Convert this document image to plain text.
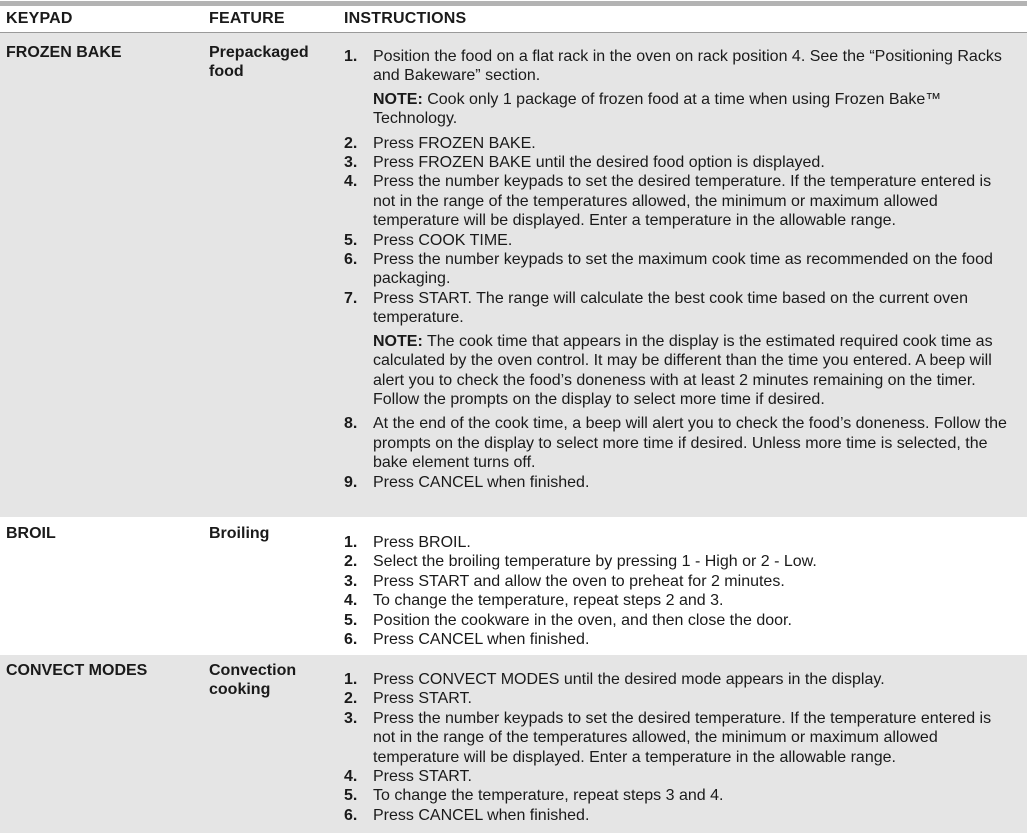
KEYPAD	FEATURE	INSTRUCTIONS
FROZEN BAKE	Prepackaged food
1. Position the food on a flat rack in the oven on rack position 4. See the “Positioning Racks and Bakeware” section.
NOTE: Cook only 1 package of frozen food at a time when using Frozen Bake™ Technology.
2. Press FROZEN BAKE.
3. Press FROZEN BAKE until the desired food option is displayed.
4. Press the number keypads to set the desired temperature. If the temperature entered is not in the range of the temperatures allowed, the minimum or maximum allowed temperature will be displayed. Enter a temperature in the allowable range.
5. Press COOK TIME.
6. Press the number keypads to set the maximum cook time as recommended on the food packaging.
7. Press START. The range will calculate the best cook time based on the current oven temperature.
NOTE: The cook time that appears in the display is the estimated required cook time as calculated by the oven control. It may be different than the time you entered. A beep will alert you to check the food’s doneness with at least 2 minutes remaining on the timer. Follow the prompts on the display to select more time if desired.
8. At the end of the cook time, a beep will alert you to check the food’s doneness. Follow the prompts on the display to select more time if desired. Unless more time is selected, the bake element turns off.
9. Press CANCEL when finished.
BROIL	Broiling
1. Press BROIL.
2. Select the broiling temperature by pressing 1 - High or 2 - Low.
3. Press START and allow the oven to preheat for 2 minutes.
4. To change the temperature, repeat steps 2 and 3.
5. Position the cookware in the oven, and then close the door.
6. Press CANCEL when finished.
CONVECT MODES	Convection cooking
1. Press CONVECT MODES until the desired mode appears in the display.
2. Press START.
3. Press the number keypads to set the desired temperature. If the temperature entered is not in the range of the temperatures allowed, the minimum or maximum allowed temperature will be displayed. Enter a temperature in the allowable range.
4. Press START.
5. To change the temperature, repeat steps 3 and 4.
6. Press CANCEL when finished.
